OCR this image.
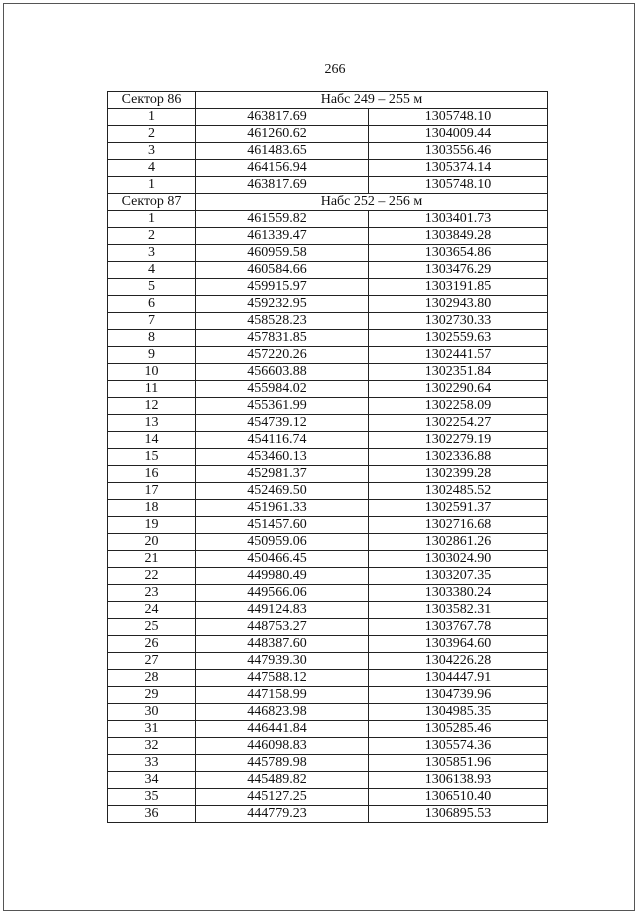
266
Сектор 86	Набс 249 – 255 м	
1	463817.69	1305748.10
2	461260.62	1304009.44
3	461483.65	1303556.46
4	464156.94	1305374.14
1	463817.69	1305748.10
Сектор 87	Набс 252 – 256 м	
1	461559.82	1303401.73
2	461339.47	1303849.28
3	460959.58	1303654.86
4	460584.66	1303476.29
5	459915.97	1303191.85
6	459232.95	1302943.80
7	458528.23	1302730.33
8	457831.85	1302559.63
9	457220.26	1302441.57
10	456603.88	1302351.84
11	455984.02	1302290.64
12	455361.99	1302258.09
13	454739.12	1302254.27
14	454116.74	1302279.19
15	453460.13	1302336.88
16	452981.37	1302399.28
17	452469.50	1302485.52
18	451961.33	1302591.37
19	451457.60	1302716.68
20	450959.06	1302861.26
21	450466.45	1303024.90
22	449980.49	1303207.35
23	449566.06	1303380.24
24	449124.83	1303582.31
25	448753.27	1303767.78
26	448387.60	1303964.60
27	447939.30	1304226.28
28	447588.12	1304447.91
29	447158.99	1304739.96
30	446823.98	1304985.35
31	446441.84	1305285.46
32	446098.83	1305574.36
33	445789.98	1305851.96
34	445489.82	1306138.93
35	445127.25	1306510.40
36	444779.23	1306895.53
